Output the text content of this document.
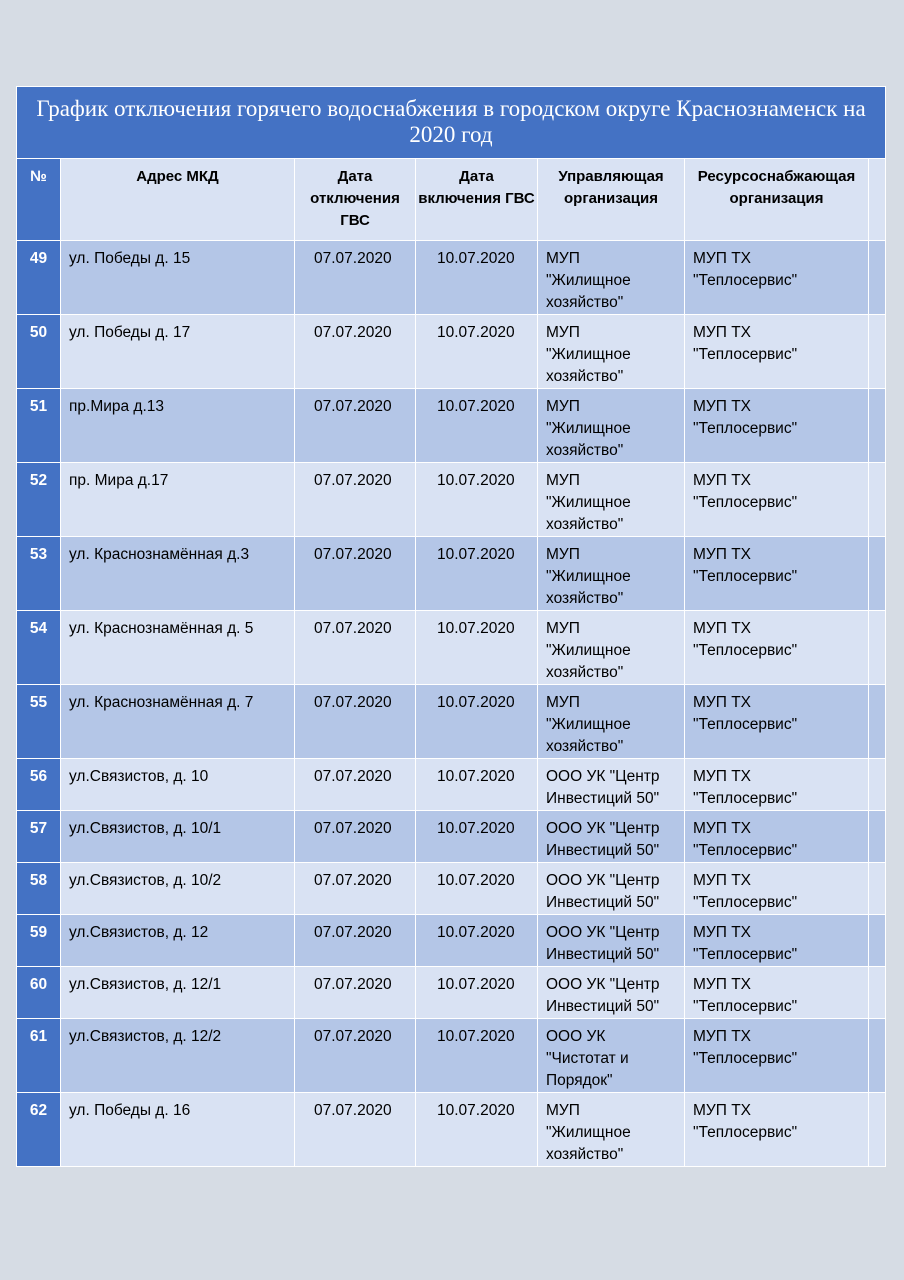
График отключения горячего водоснабжения в городском округе Краснознаменск на 2020 год						
№	Адрес МКД	Дата отключения ГВС	Дата включения ГВС	Управляющая организация	Ресурсоснабжающая организация	

49	ул. Победы д. 15	07.07.2020	10.07.2020	МУП
"Жилищное
хозяйство"	МУП ТХ
"Теплосервис"	

50	ул. Победы д. 17	07.07.2020	10.07.2020	МУП
"Жилищное
хозяйство"	МУП ТХ
"Теплосервис"	

51	пр.Мира д.13	07.07.2020	10.07.2020	МУП
"Жилищное
хозяйство"	МУП ТХ
"Теплосервис"	

52	пр. Мира д.17	07.07.2020	10.07.2020	МУП
"Жилищное
хозяйство"	МУП ТХ
"Теплосервис"	

53	ул. Краснознамённая д.3	07.07.2020	10.07.2020	МУП
"Жилищное
хозяйство"	МУП ТХ
"Теплосервис"	

54	ул. Краснознамённая д. 5	07.07.2020	10.07.2020	МУП
"Жилищное
хозяйство"	МУП ТХ
"Теплосервис"	

55	ул. Краснознамённая д. 7	07.07.2020	10.07.2020	МУП
"Жилищное
хозяйство"	МУП ТХ
"Теплосервис"	

56	ул.Связистов, д. 10	07.07.2020	10.07.2020	ООО УК "Центр
Инвестиций 50"	МУП ТХ
"Теплосервис"	

57	ул.Связистов, д. 10/1	07.07.2020	10.07.2020	ООО УК "Центр
Инвестиций 50"	МУП ТХ
"Теплосервис"	

58	ул.Связистов, д. 10/2	07.07.2020	10.07.2020	ООО УК "Центр
Инвестиций 50"	МУП ТХ
"Теплосервис"	

59	ул.Связистов, д. 12	07.07.2020	10.07.2020	ООО УК "Центр
Инвестиций 50"	МУП ТХ
"Теплосервис"	

60	ул.Связистов, д. 12/1	07.07.2020	10.07.2020	ООО УК "Центр
Инвестиций 50"	МУП ТХ
"Теплосервис"	

61	ул.Связистов, д. 12/2	07.07.2020	10.07.2020	ООО УК
"Чистотат и
Порядок"	МУП ТХ
"Теплосервис"	

62	ул. Победы д. 16	07.07.2020	10.07.2020	МУП
"Жилищное
хозяйство"	МУП ТХ
"Теплосервис"	
